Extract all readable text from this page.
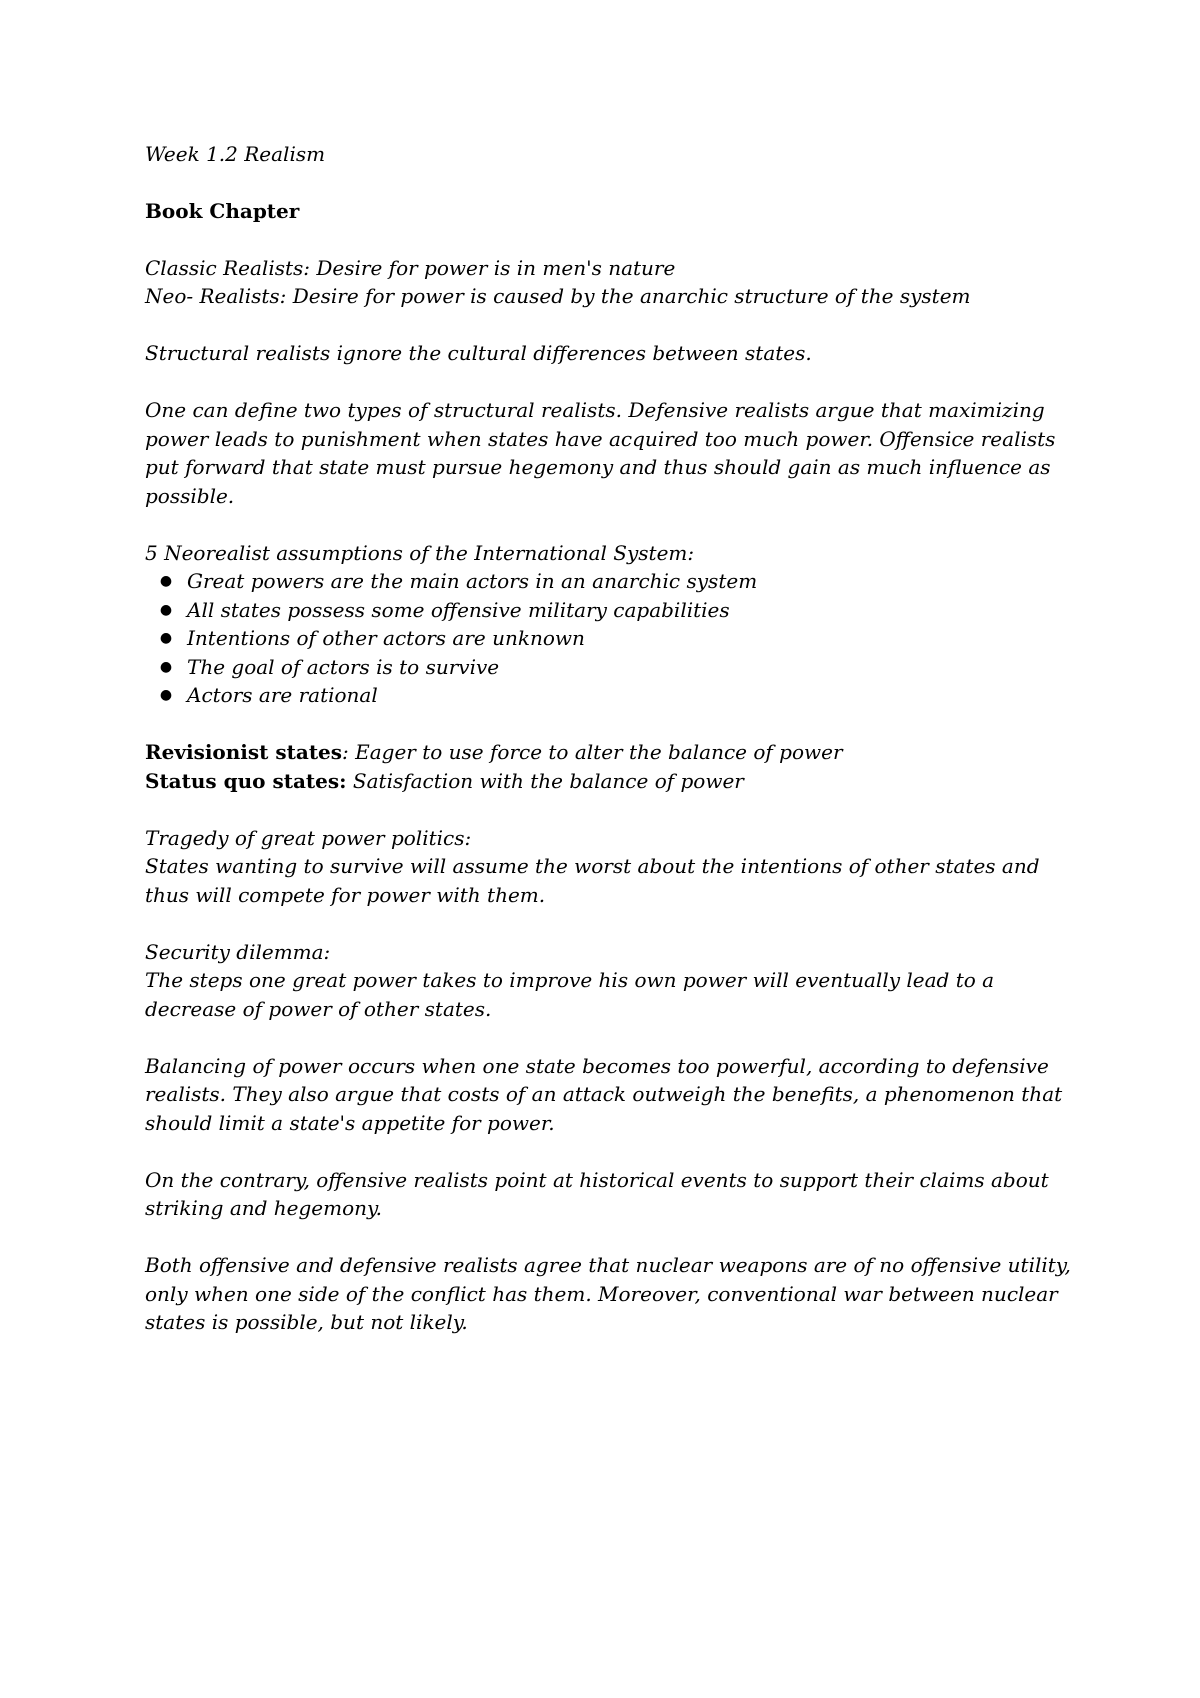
Week 1.2 Realism

Book Chapter

Classic Realists: Desire for power is in men's nature

Neo- Realists: Desire for power is caused by the anarchic structure of the system

Structural realists ignore the cultural differences between states.

One can define two types of structural realists. Defensive realists argue that maximizing power leads to punishment when states have acquired too much power. Offensice realists put forward that state must pursue hegemony and thus should gain as much influence as possible.

5 Neorealist assumptions of the International System:

● Great powers are the main actors in an anarchic system
● All states possess some offensive military capabilities
● Intentions of other actors are unknown
● The goal of actors is to survive
● Actors are rational

Revisionist states: Eager to use force to alter the balance of power

Status quo states: Satisfaction with the balance of power

Tragedy of great power politics:

States wanting to survive will assume the worst about the intentions of other states and thus will compete for power with them.

Security dilemma:

The steps one great power takes to improve his own power will eventually lead to a decrease of power of other states.

Balancing of power occurs when one state becomes too powerful, according to defensive realists. They also argue that costs of an attack outweigh the benefits, a phenomenon that should limit a state's appetite for power.

On the contrary, offensive realists point at historical events to support their claims about striking and hegemony.

Both offensive and defensive realists agree that nuclear weapons are of no offensive utility, only when one side of the conflict has them. Moreover, conventional war between nuclear states is possible, but not likely.
